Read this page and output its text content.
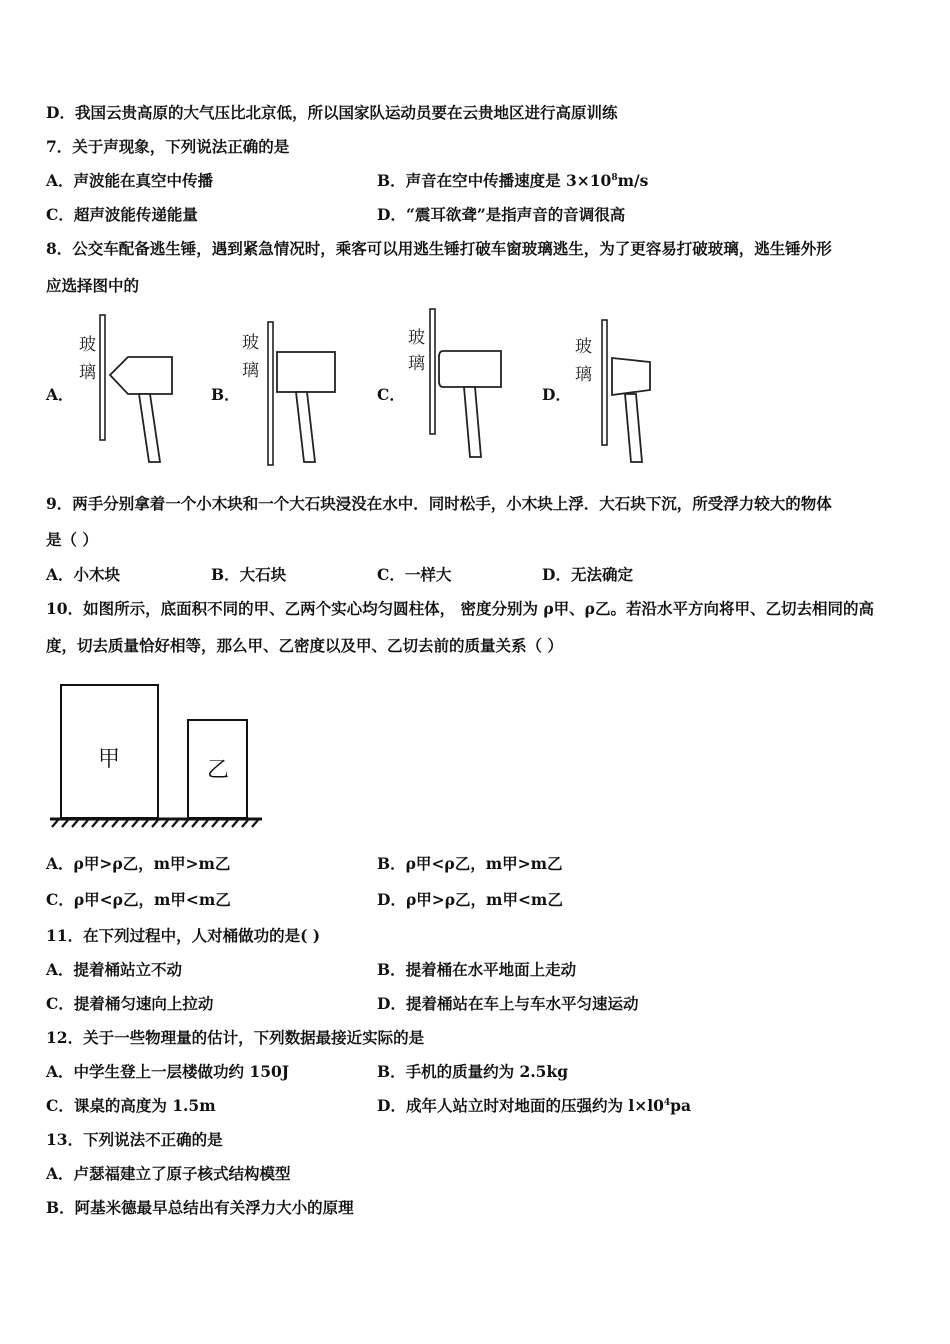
D．我国云贵高原的大气压比北京低，所以国家队运动员要在云贵地区进行高原训练
7．关于声现象，下列说法正确的是
A．声波能在真空中传播	B．声音在空中传播速度是 $3\times 10^8m/s$
C．超声波能传递能量	D．“震耳欲聋”是指声音的音调很高
8．公交车配备逃生锤，遇到紧急情况时，乘客可以用逃生锤打破车窗玻璃逃生，为了更容易打破玻璃，逃生锤外形
应选择图中的
A．
玻
璃
B．
玻
璃
C．
玻
璃
D．
玻
璃
9．两手分别拿着一个小木块和一个大石块浸没在水中．同时松手，小木块上浮．大石块下沉，所受浮力较大的物体
是（ ）
A．小木块	B．大石块	C．一样大	D．无法确定
10．如图所示，底面积不同的甲、乙两个实心均匀圆柱体， 密度分别为 ρ甲、ρ乙。若沿水平方向将甲、乙切去相同的高
度，切去质量恰好相等，那么甲、乙密度以及甲、乙切去前的质量关系（ ）
甲	乙
A．ρ甲>ρ乙，m甲>m乙	B．ρ甲<ρ乙，m甲>m乙
C．ρ甲<ρ乙，m甲<m乙	D．ρ甲>ρ乙，m甲<m乙
11．在下列过程中，人对桶做功的是( )
A．提着桶站立不动	B．提着桶在水平地面上走动
C．提着桶匀速向上拉动	D．提着桶站在车上与车水平匀速运动
12．关于一些物理量的估计，下列数据最接近实际的是
A．中学生登上一层楼做功约 150J	B．手机的质量约为 2.5kg
C．课桌的高度为 1.5m	D．成年人站立时对地面的压强约为 $l\times l0^4pa$
13．下列说法不正确的是
A．卢瑟福建立了原子核式结构模型
B．阿基米德最早总结出有关浮力大小的原理
